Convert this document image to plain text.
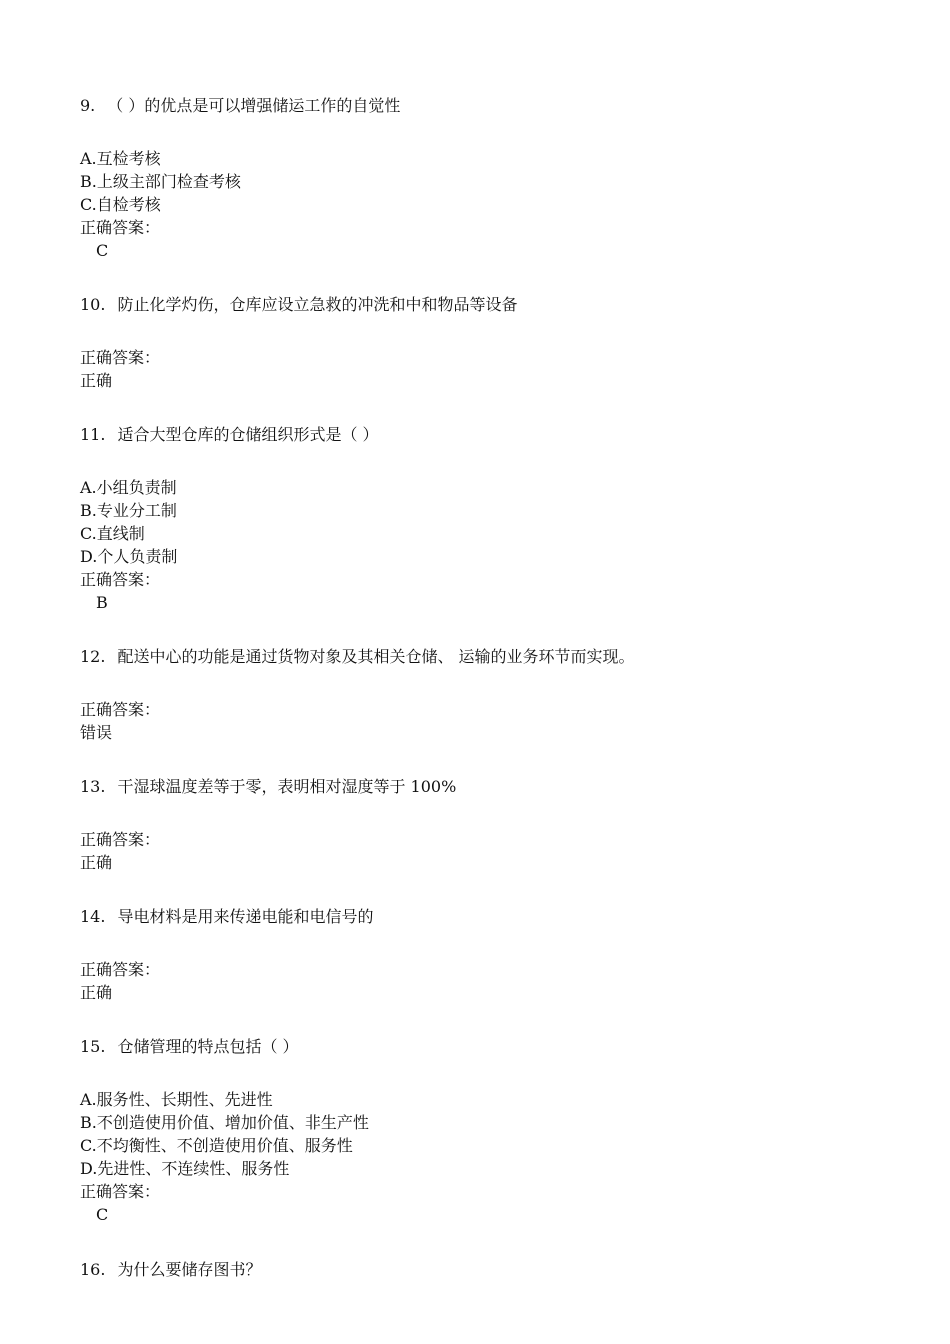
9. （ ）的优点是可以增强储运工作的自觉性
A.互检考核
B.上级主部门检查考核
C.自检考核
正确答案：
C
10. 防止化学灼伤，仓库应设立急救的冲洗和中和物品等设备
正确答案：
正确
11. 适合大型仓库的仓储组织形式是（ ）
A.小组负责制
B.专业分工制
C.直线制
D.个人负责制
正确答案：
B
12. 配送中心的功能是通过货物对象及其相关仓储、 运输的业务环节而实现。
正确答案：
错误
13. 干湿球温度差等于零，表明相对湿度等于 100%
正确答案：
正确
14. 导电材料是用来传递电能和电信号的
正确答案：
正确
15. 仓储管理的特点包括（ ）
A.服务性、长期性、先进性
B.不创造使用价值、增加价值、非生产性
C.不均衡性、不创造使用价值、服务性
D.先进性、不连续性、服务性
正确答案：
C
16. 为什么要储存图书？
